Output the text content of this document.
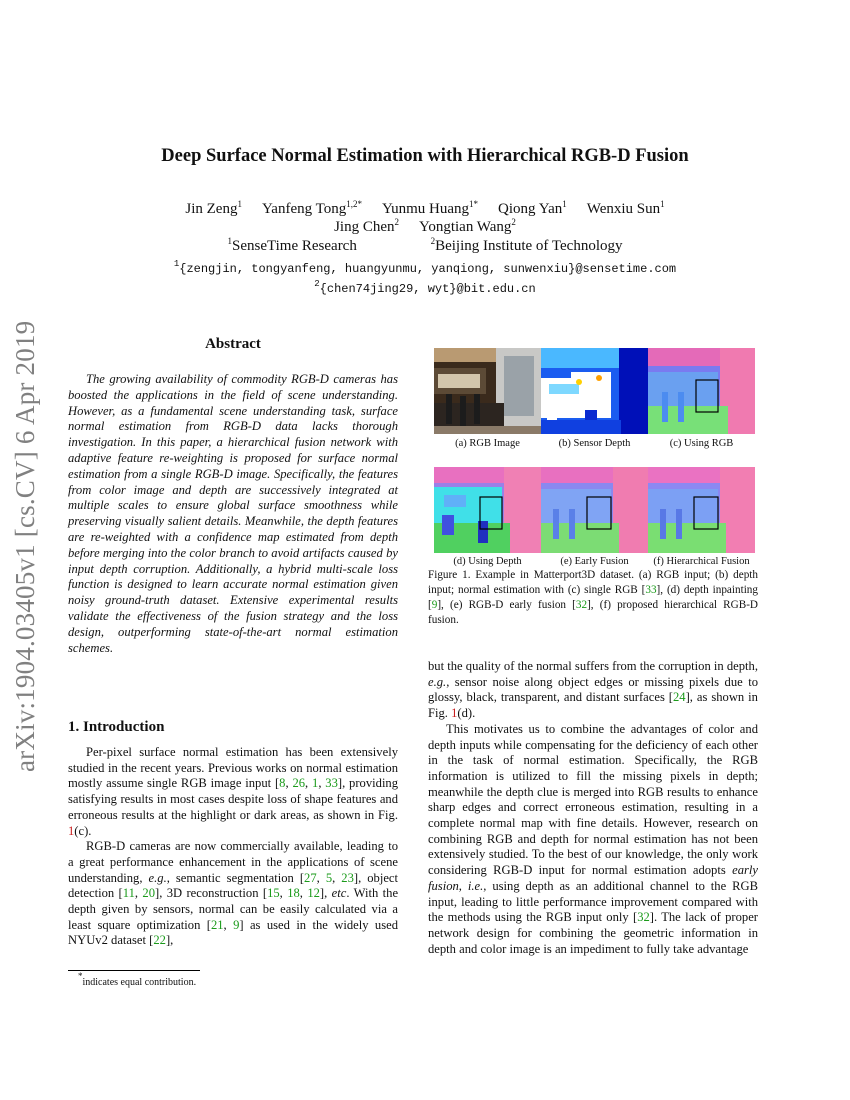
arXiv:1904.03405v1 [cs.CV] 6 Apr 2019
Deep Surface Normal Estimation with Hierarchical RGB-D Fusion
Jin Zeng$^1$ Yanfeng Tong$^{1,2*}$ Yunmu Huang$^{1*}$ Qiong Yan$^1$ Wenxiu Sun$^1$
Jing Chen$^2$ Yongtian Wang$^2$
$^1$SenseTime Research	$^2$Beijing Institute of Technology
$^1${zengjin, tongyanfeng, huangyunmu, yanqiong, sunwenxiu}@sensetime.com
$^2${chen74jing29, wyt}@bit.edu.cn
Abstract
The growing availability of commodity RGB-D cameras has boosted the applications in the field of scene understanding. However, as a fundamental scene understanding task, surface normal estimation from RGB-D data lacks thorough investigation. In this paper, a hierarchical fusion network with adaptive feature re-weighting is proposed for surface normal estimation from a single RGB-D image. Specifically, the features from color image and depth are successively integrated at multiple scales to ensure global surface smoothness while preserving visually salient details. Meanwhile, the depth features are re-weighted with a confidence map estimated from depth before merging into the color branch to avoid artifacts caused by input depth corruption. Additionally, a hybrid multi-scale loss function is designed to learn accurate normal estimation given noisy ground-truth dataset. Extensive experimental results validate the effectiveness of the fusion strategy and the loss design, outperforming state-of-the-art normal estimation schemes.
1. Introduction

Per-pixel surface normal estimation has been extensively studied in the recent years. Previous works on normal estimation mostly assume single RGB image input [8, 26, 1, 33], providing satisfying results in most cases despite loss of shape features and erroneous results at the highlight or dark areas, as shown in Fig. 1(c).

RGB-D cameras are now commercially available, leading to a great performance enhancement in the applications of scene understanding, e.g., semantic segmentation [27, 5, 23], object detection [11, 20], 3D reconstruction [15, 18, 12], etc. With the depth given by sensors, normal can be easily calculated via a least square optimization [21, 9] as used in the widely used NYUv2 dataset [22],

*indicates equal contribution.
(a) RGB Image	(b) Sensor Depth	(c) Using RGB
(d) Using Depth	(e) Early Fusion	(f) Hierarchical Fusion
Figure 1. Example in Matterport3D dataset. (a) RGB input; (b) depth input; normal estimation with (c) single RGB [33], (d) depth inpainting [9], (e) RGB-D early fusion [32], (f) proposed hierarchical RGB-D fusion.

but the quality of the normal suffers from the corruption in depth, e.g., sensor noise along object edges or missing pixels due to glossy, black, transparent, and distant surfaces [24], as shown in Fig. 1(d).

This motivates us to combine the advantages of color and depth inputs while compensating for the deficiency of each other in the task of normal estimation. Specifically, the RGB information is utilized to fill the missing pixels in depth; meanwhile the depth clue is merged into RGB results to enhance sharp edges and correct erroneous estimation, resulting in a complete normal map with fine details. However, research on combining RGB and depth for normal estimation has not been extensively studied. To the best of our knowledge, the only work considering RGB-D input for normal estimation adopts early fusion, i.e., using depth as an additional channel to the RGB input, leading to little performance improvement compared with the methods using the RGB input only [32]. The lack of proper network design for combining the geometric information in depth and color image is an impediment to fully take advantage
